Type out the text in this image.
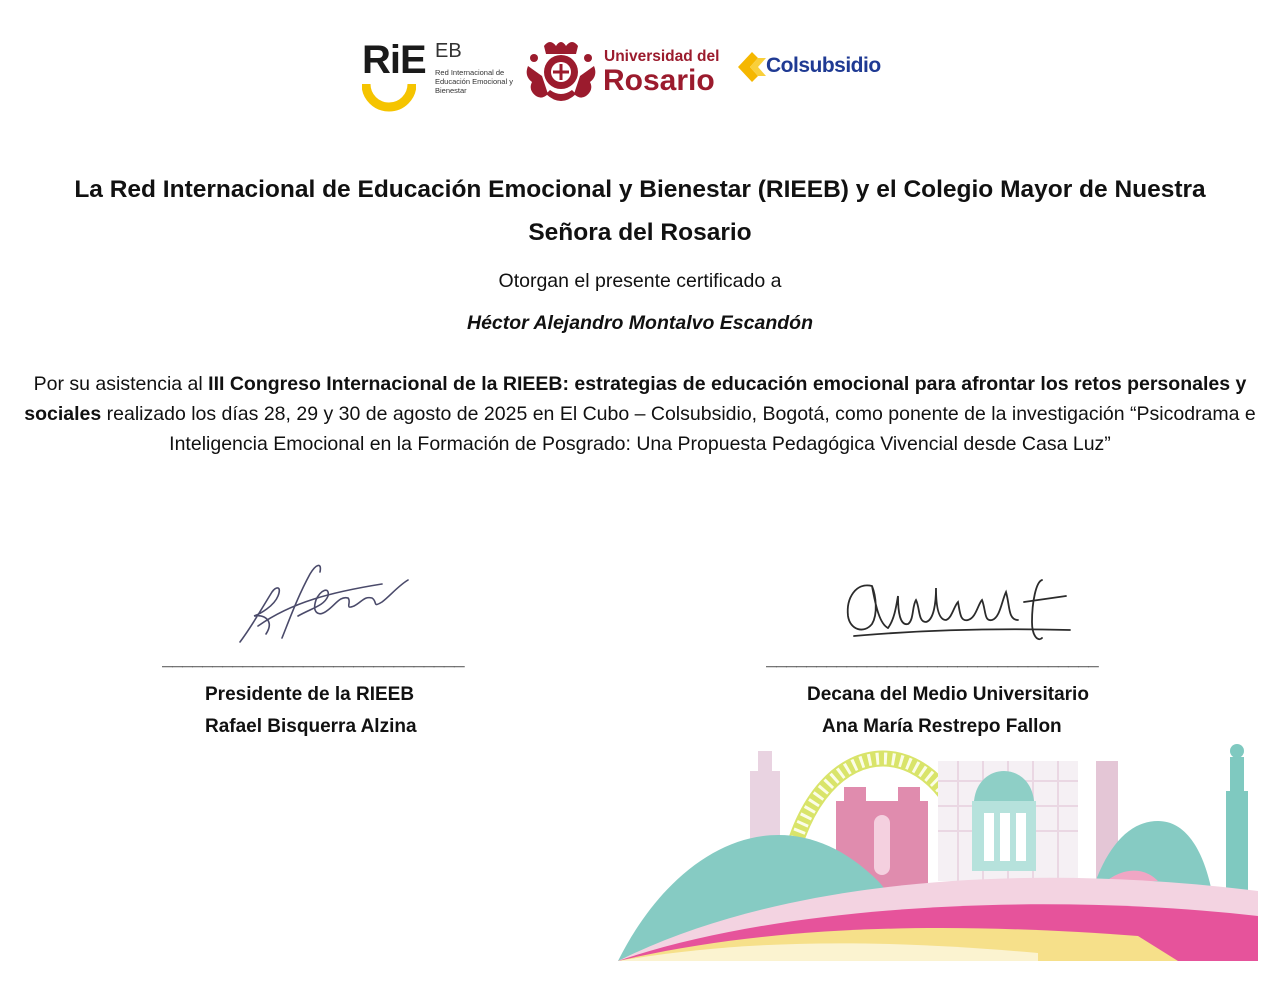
RiE EB
Red Internacional de Educación Emocional y Bienestar
Universidad del
Rosario Colsubsidio
La Red Internacional de Educación Emocional y Bienestar (RIEEB) y el Colegio Mayor de Nuestra Señora del Rosario

Otorgan el presente certificado a

Héctor Alejandro Montalvo Escandón

Por su asistencia al III Congreso Internacional de la RIEEB: estrategias de educación emocional para afrontar los retos personales y sociales realizado los días 28, 29 y 30 de agosto de 2025 en El Cubo – Colsubsidio, Bogotá, como ponente de la investigación “Psicodrama e Inteligencia Emocional en la Formación de Posgrado: Una Propuesta Pedagógica Vivencial desde Casa Luz”

______________________________
Presidente de la RIEEB
Rafael Bisquerra Alzina
_________________________________
Decana del Medio Universitario
Ana María Restrepo Fallon
